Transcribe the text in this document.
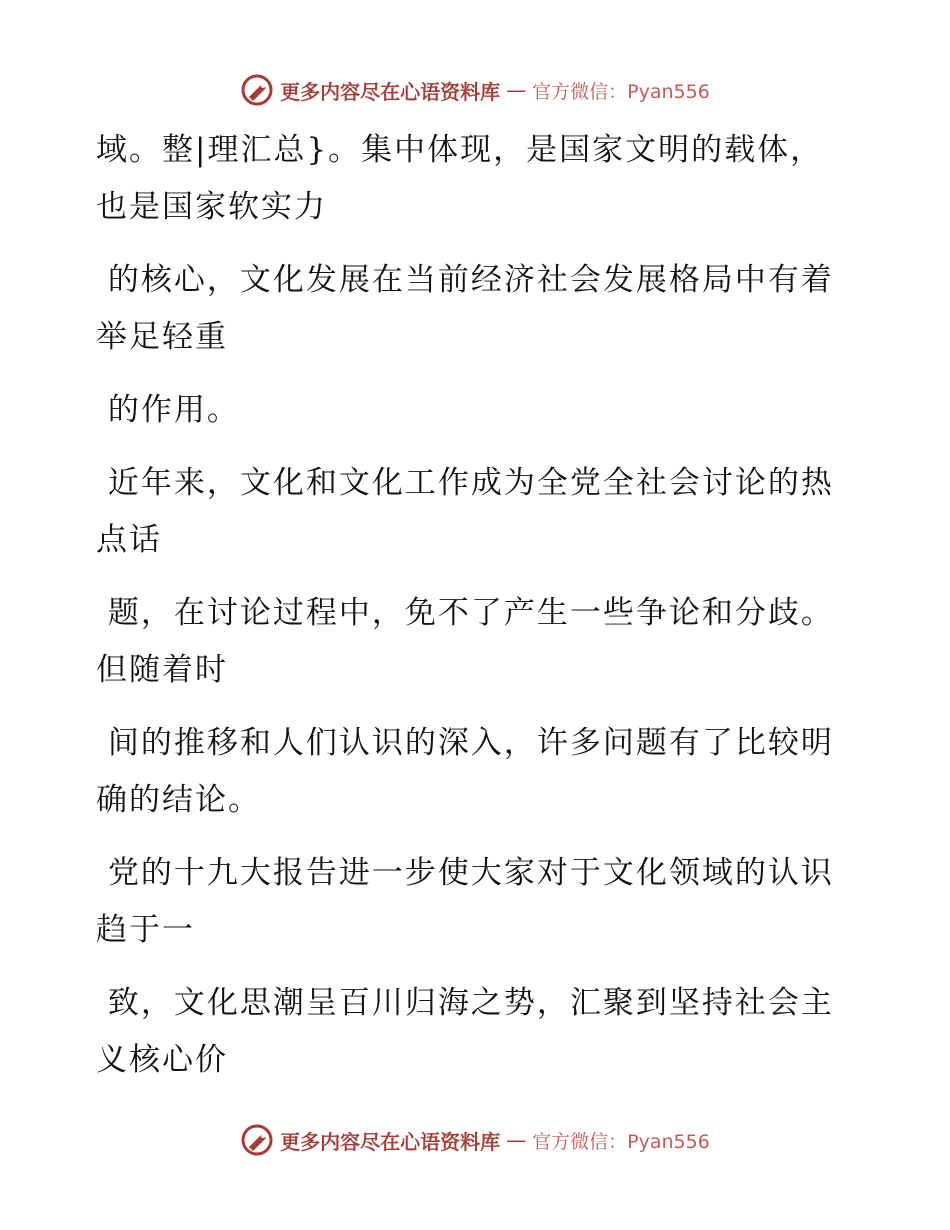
更多内容尽在心语资料库 — 官方微信：Pyan556

域。整|理汇总}。集中体现，是国家文明的载体，也是国家软实力

的核心，文化发展在当前经济社会发展格局中有着举足轻重

的作用。

近年来，文化和文化工作成为全党全社会讨论的热点话

题，在讨论过程中，免不了产生一些争论和分歧。但随着时

间的推移和人们认识的深入，许多问题有了比较明确的结论。

党的十九大报告进一步使大家对于文化领域的认识趋于一

致，文化思潮呈百川归海之势，汇聚到坚持社会主义核心价

更多内容尽在心语资料库 — 官方微信：Pyan556
